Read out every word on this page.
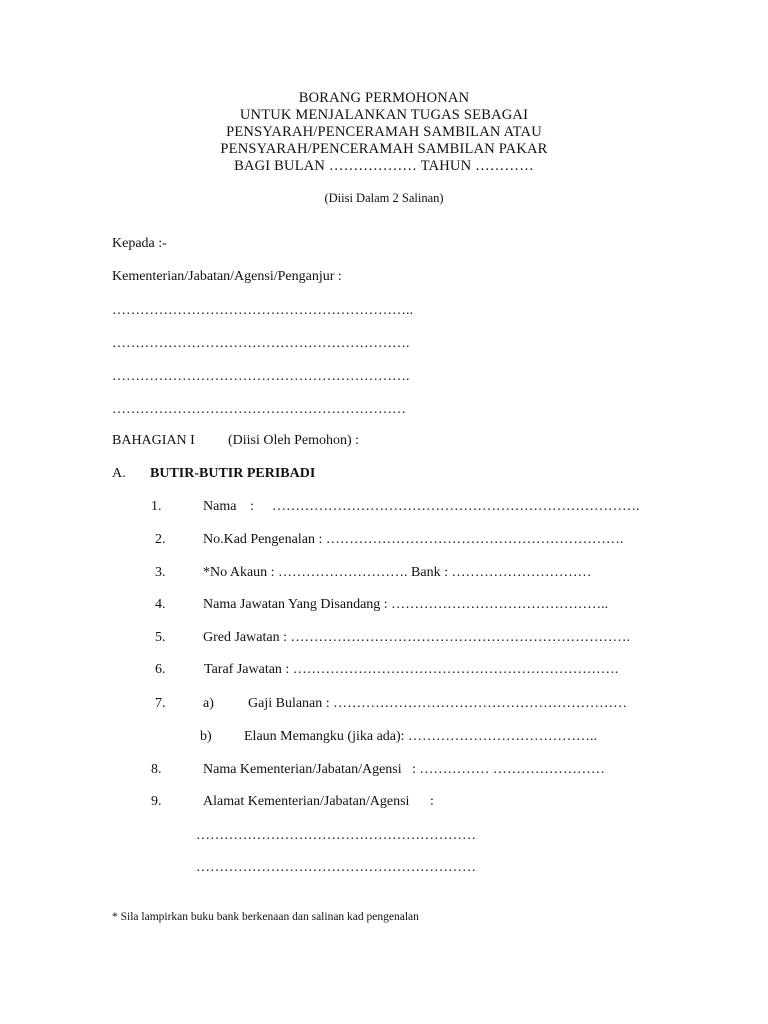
BORANG PERMOHONAN
UNTUK MENJALANKAN TUGAS SEBAGAI
PENSYARAH/PENCERAMAH SAMBILAN ATAU
PENSYARAH/PENCERAMAH SAMBILAN PAKAR
BAGI BULAN ……………… TAHUN …………
(Diisi Dalam 2 Salinan)
Kepada :-
Kementerian/Jabatan/Agensi/Penganjur :
………………………………………………………..
……………………………………………………….
……………………………………………………….
………………………………………………………
BAHAGIAN I (Diisi Oleh Pemohon) :
A. BUTIR-BUTIR PERIBADI
1.	Nama : …………………………………………………………………….
2.	No.Kad Pengenalan : ……………………………………………………….
3.	*No Akaun : ………………………. Bank : …………………………
4.	Nama Jawatan Yang Disandang : ………………………………………..
5.	Gred Jawatan : ……………………………………………………………….
6.	Taraf Jawatan : …………………………………………………………….
7.	a) Gaji Bulanan : ………………………………………………………
b) Elaun Memangku (jika ada): …………………………………..
8.	Nama Kementerian/Jabatan/Agensi : …………… ……………………
9.	Alamat Kementerian/Jabatan/Agensi :
……………………………………………………
……………………………………………………
* Sila lampirkan buku bank berkenaan dan salinan kad pengenalan
